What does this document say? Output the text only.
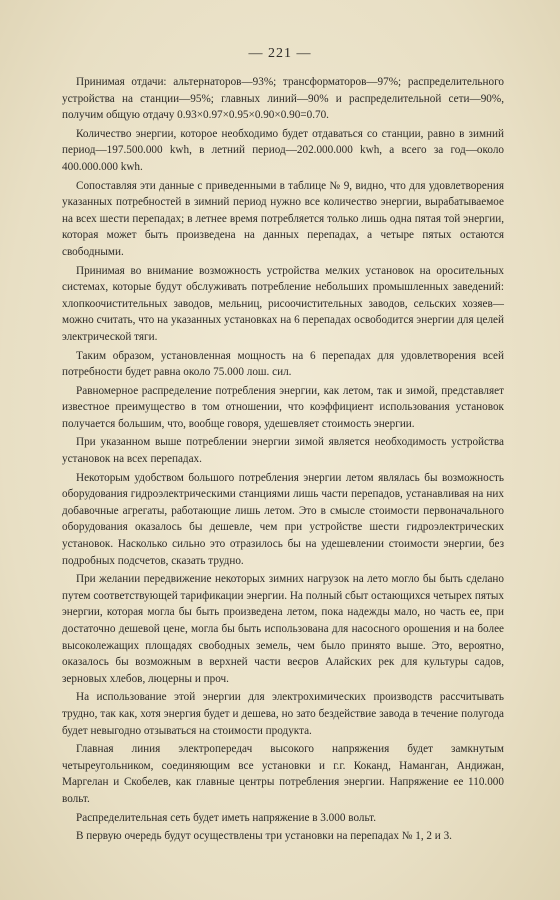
— 221 —

Принимая отдачи: альтернаторов—93%; трансформаторов—97%; распределительного устройства на станции—95%; главных линий—90% и распределительной сети—90%, получим общую отдачу 0.93×0.97×0.95×0.90×0.90=0.70.

Количество энергии, которое необходимо будет отдаваться со станции, равно в зимний период—197.500.000 kwh, в летний период—202.000.000 kwh, а всего за год—около 400.000.000 kwh.

Сопоставляя эти данные с приведенными в таблице № 9, видно, что для удовлетворения указанных потребностей в зимний период нужно все количество энергии, вырабатываемое на всех шести перепадах; в летнее время потребляется только лишь одна пятая той энергии, которая может быть произведена на данных перепадах, а четыре пятых остаются свободными.

Принимая во внимание возможность устройства мелких установок на оросительных системах, которые будут обслуживать потребление небольших промышленных заведений: хлопкоочистительных заводов, мельниц, рисоочистительных заводов, сельских хозяев—можно считать, что на указанных установках на 6 перепадах освободится энергии для целей электрической тяги.

Таким образом, установленная мощность на 6 перепадах для удовлетворения всей потребности будет равна около 75.000 лош. сил.

Равномерное распределение потребления энергии, как летом, так и зимой, представляет известное преимущество в том отношении, что коэффициент использования установок получается большим, что, вообще говоря, удешевляет стоимость энергии.

При указанном выше потреблении энергии зимой является необходимость устройства установок на всех перепадах.

Некоторым удобством большого потребления энергии летом являлась бы возможность оборудования гидроэлектрическими станциями лишь части перепадов, устанавливая на них добавочные агрегаты, работающие лишь летом. Это в смысле стоимости первоначального оборудования оказалось бы дешевле, чем при устройстве шести гидроэлектрических установок. Насколько сильно это отразилось бы на удешевлении стоимости энергии, без подробных подсчетов, сказать трудно.

При желании передвижение некоторых зимних нагрузок на лето могло бы быть сделано путем соответствующей тарификации энергии. На полный сбыт остающихся четырех пятых энергии, которая могла бы быть произведена летом, пока надежды мало, но часть ее, при достаточно дешевой цене, могла бы быть использована для насосного орошения и на более высоколежащих площадях свободных земель, чем было принято выше. Это, вероятно, оказалось бы возможным в верхней части веєров Алайских рек для культуры садов, зерновых хлебов, люцерны и проч.

На использование этой энергии для электрохимических производств рассчитывать трудно, так как, хотя энергия будет и дешева, но зато бездействие завода в течение полугода будет невыгодно отзываться на стоимости продукта.

Главная линия электропередач высокого напряжения будет замкнутым четыреугольником, соединяющим все установки и г.г. Коканд, Наманган, Андижан, Маргелан и Скобелев, как главные центры потребления энергии. Напряжение ее 110.000 вольт.

Распределительная сеть будет иметь напряжение в 3.000 вольт.

В первую очередь будут осуществлены три установки на перепадах № 1, 2 и 3.
